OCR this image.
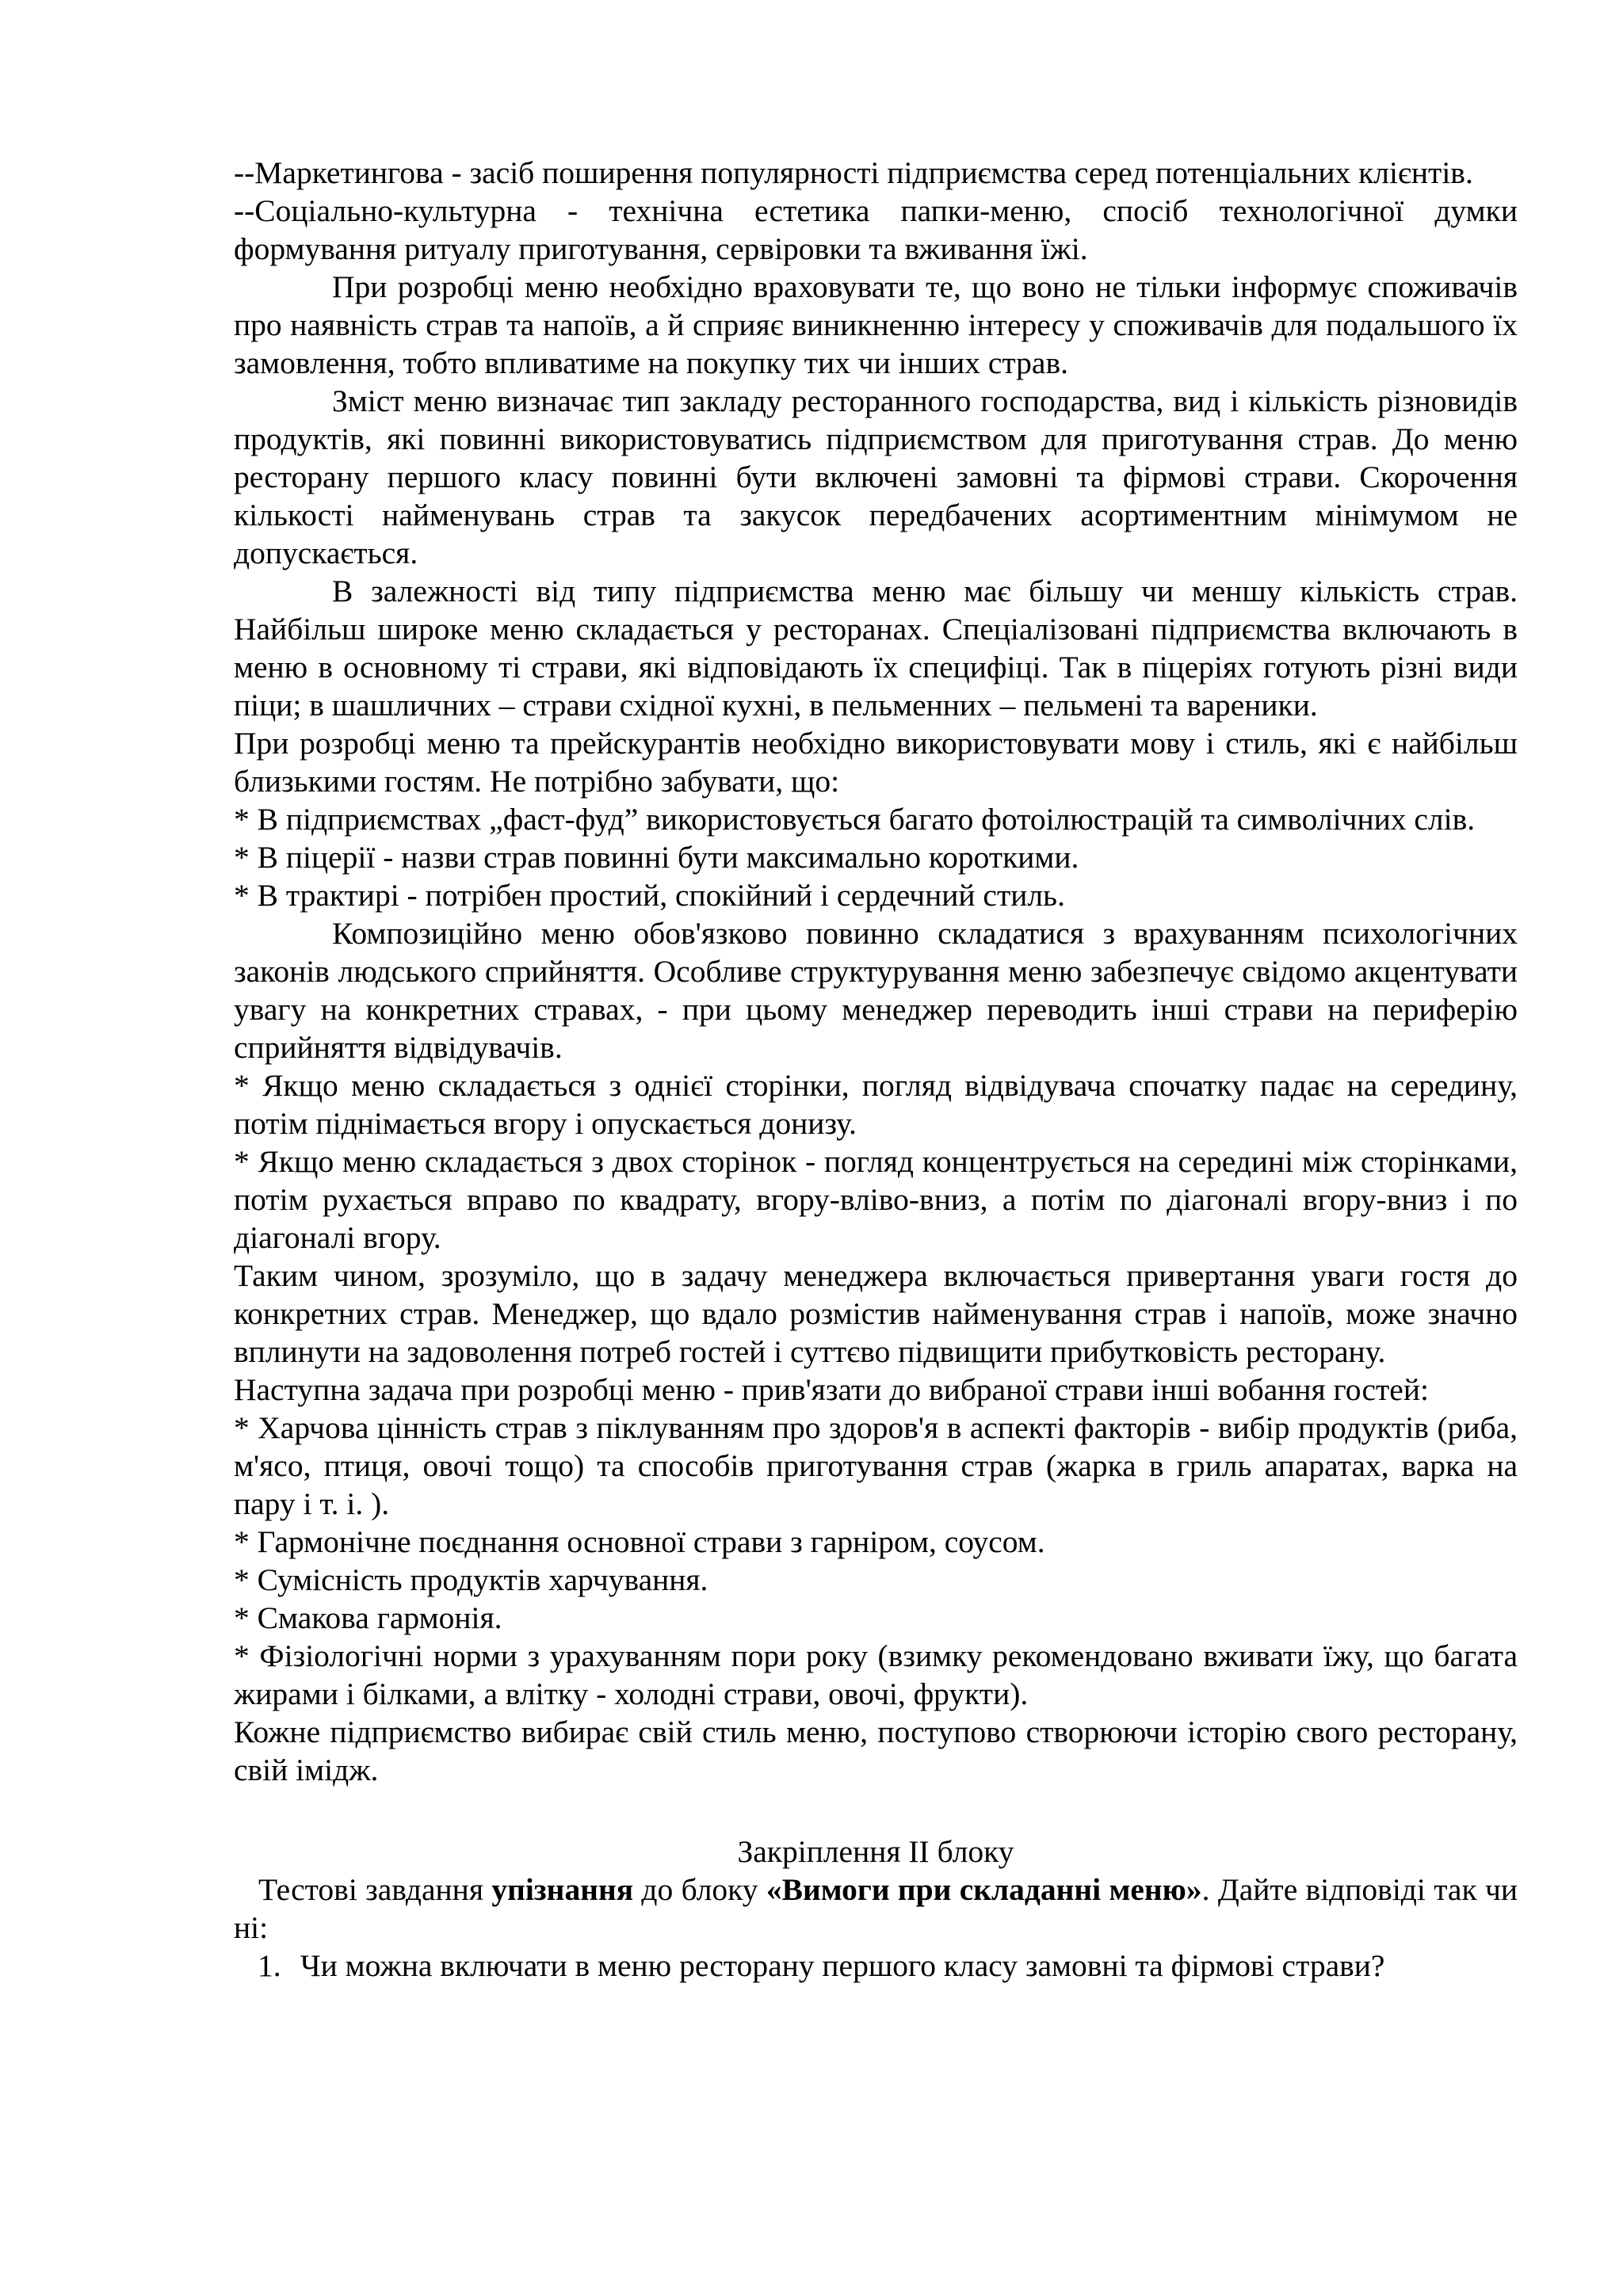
--Маркетингова - засіб поширення популярності підприємства серед потенціальних клієнтів.

--Соціально-культурна - технічна естетика папки-меню, спосіб технологічної думки формування ритуалу приготування, сервіровки та вживання їжі.

При розробці меню необхідно враховувати те, що воно не тільки інформує споживачів про наявність страв та напоїв, а й сприяє виникненню інтересу у споживачів для подальшого їх замовлення, тобто впливатиме на покупку тих чи інших страв.

Зміст меню визначає тип закладу ресторанного господарства, вид і кількість різновидів продуктів, які повинні використовуватись підприємством для приготування страв. До меню ресторану першого класу повинні бути включені замовні та фірмові страви. Скорочення кількості найменувань страв та закусок передбачених асортиментним мінімумом не допускається.

В залежності від типу підприємства меню має більшу чи меншу кількість страв. Найбільш широке меню складається у ресторанах. Спеціалізовані підприємства включають в меню в основному ті страви, які відповідають їх специфіці. Так в піцеріях готують різні види піци; в шашличних – страви східної кухні, в пельменних – пельмені та вареники.

При розробці меню та прейскурантів необхідно використовувати мову і стиль, які є найбільш близькими гостям. Не потрібно забувати, що:

* В підприємствах „фаст-фуд” використовується багато фотоілюстрацій та символічних слів.

* В піцерії - назви страв повинні бути максимально короткими.

* В трактирі - потрібен простий, спокійний і сердечний стиль.

Композиційно меню обов'язково повинно складатися з врахуванням психологічних законів людського сприйняття. Особливе структурування меню забезпечує свідомо акцентувати увагу на конкретних стравах, - при цьому менеджер переводить інші страви на периферію сприйняття відвідувачів.

* Якщо меню складається з однієї сторінки, погляд відвідувача спочатку падає на середину, потім піднімається вгору і опускається донизу.

* Якщо меню складається з двох сторінок - погляд концентрується на середині між сторінками, потім рухається вправо по квадрату, вгору-вліво-вниз, а потім по діагоналі вгору-вниз і по діагоналі вгору.

Таким чином, зрозуміло, що в задачу менеджера включається привертання уваги гостя до конкретних страв. Менеджер, що вдало розмістив найменування страв і напоїв, може значно вплинути на задоволення потреб гостей і суттєво підвищити прибутковість ресторану.

Наступна задача при розробці меню - прив'язати до вибраної страви інші вобання гостей:

* Харчова цінність страв з піклуванням про здоров'я в аспекті факторів - вибір продуктів (риба, м'ясо, птиця, овочі тощо) та способів приготування страв (жарка в гриль апаратах, варка на пару і т. і. ).

* Гармонічне поєднання основної страви з гарніром, соусом.

* Сумісність продуктів харчування.

* Смакова гармонія.

* Фізіологічні норми з урахуванням пори року (взимку рекомендовано вживати їжу, що багата жирами і білками, а влітку - холодні страви, овочі, фрукти).

Кожне підприємство вибирає свій стиль меню, поступово створюючи історію свого ресторану, свій імідж.

Закріплення ІІ блоку

Тестові завдання упізнання до блоку «Вимоги при складанні меню». Дайте відповіді так чи ні:

1. Чи можна включати в меню ресторану першого класу замовні та фірмові страви?
